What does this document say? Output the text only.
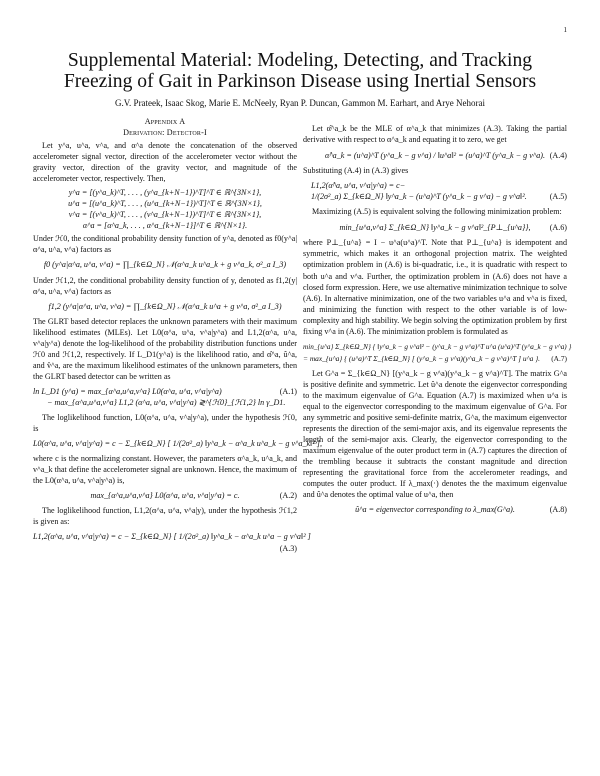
1
Supplemental Material: Modeling, Detecting, and Tracking
Freezing of Gait in Parkinson Disease using Inertial Sensors
G.V. Prateek, Isaac Skog, Marie E. McNeely, Ryan P. Duncan, Gammon M. Earhart, and Arye Nehorai
Appendix A
Derivation: Detector-I

Let y^a, u^a, v^a, and α^a denote the concatenation of the observed accelerometer signal vector, direction of the accelerometer vector without the gravity vector, direction of the gravity vector, and magnitude of the accelerometer vector, respectively. Then,

y^a = [(y^a_k)^T, . . . , (y^a_{k+N−1})^T]^T ∈ ℝ^{3N×1},
u^a = [(u^a_k)^T, . . . , (u^a_{k+N−1})^T]^T ∈ ℝ^{3N×1},
v^a = [(v^a_k)^T, . . . , (v^a_{k+N−1})^T]^T ∈ ℝ^{3N×1},
α^a = [α^a_k, . . . , α^a_{k+N−1}]^T ∈ ℝ^{N×1}.

Under ℋ0, the conditional probability density function of y^a, denoted as f0(y^a|α^a, u^a, v^a) factors as

f0 (y^a|α^a, u^a, v^a) = ∏_{k∈Ω_N} 𝒩(α^a_k u^a_k + g v^a_k, σ²_a I_3)

Under ℋ1,2, the conditional probability density function of y, denoted as f1,2(y|α^a, u^a, v^a) factors as

f1,2 (y^a|α^a, u^a, v^a) = ∏_{k∈Ω_N} 𝒩(α^a_k u^a + g v^a, σ²_a I_3)

The GLRT based detector replaces the unknown parameters with their maximum likelihood estimates (MLEs). Let L0(α^a, u^a, v^a|y^a) and L1,2(α^a, u^a, v^a|y^a) denote the log-likelihood of the probability distribution functions under ℋ0 and ℋ1,2, respectively. If L_D1(y^a) is the likelihood ratio, and α̂^a, û^a, and v̂^a, are the maximum likelihood estimates of the unknown parameters, then the GLRT based detector can be written as

ln L_D1 (y^a) = max_{α^a,u^a,v^a} L0(α^a, u^a, v^a|y^a)	(A.1)
− max_{α^a,u^a,v^a} L1,2 (α^a, u^a, v^a|y^a) ≷^{ℋ0}_{ℋ1,2} ln γ_D1.

The loglikelihood function, L0(α^a, u^a, v^a|y^a), under the hypothesis ℋ0, is

L0(α^a, u^a, v^a|y^a) = c − Σ_{k∈Ω_N} [ 1/(2σ²_a) ‖y^a_k − α^a_k u^a_k − g v^a_k‖² ],

where c is the normalizing constant. However, the parameters α^a_k, u^a_k, and v^a_k that define the accelerometer signal are unknown. Hence, the maximum of the L0(α^a, u^a, v^a|y^a) is,

max_{α^a,u^a,v^a} L0(α^a, u^a, v^a|y^a) = c.	(A.2)

The loglikelihood function, L1,2(α^a, u^a, v^a|y), under the hypothesis ℋ1,2 is given as:

L1,2(α^a, u^a, v^a|y^a) = c − Σ_{k∈Ω_N} [ 1/(2σ²_a) ‖y^a_k − α^a_k u^a − g v^a‖² ]
(A.3)

Let α̂^a_k be the MLE of α^a_k that minimizes (A.3). Taking the partial derivative with respect to α^a_k and equating it to zero, we get

α̂^a_k = (u^a)^T (y^a_k − g v^a) / ‖u^a‖² = (u^a)^T (y^a_k − g v^a). (A.4)

Substituting (A.4) in (A.3) gives

L1,2(α̂^a, u^a, v^a|y^a) = c−
1/(2σ²_a) Σ_{k∈Ω_N} ‖y^a_k − (u^a)^T (y^a_k − g v^a) − g v^a‖².	(A.5)

Maximizing (A.5) is equivalent solving the following minimization problem:

min_{u^a,v^a} Σ_{k∈Ω_N} ‖y^a_k − g v^a‖²_{P⊥_{u^a}}, (A.6)

where P⊥_{u^a} = I − u^a(u^a)^T. Note that P⊥_{u^a} is idempotent and symmetric, which makes it an orthogonal projection matrix. The weighted optimization problem in (A.6) is bi-quadratic, i.e., it is quadratic with respect to both u^a and v^a. Further, the optimization problem in (A.6) does not have a closed form expression. Here, we use alternative minimization technique to solve (A.6). In alternative minimization, one of the two variables u^a and v^a is fixed, and minimizing the function with respect to the other variable is of low-complexity and high stability. We begin solving the optimization problem by first fixing v^a in (A.6). The minimization problem is formulated as

min_{u^a} Σ_{k∈Ω_N} { ‖y^a_k − g v^a‖² − (y^a_k − g v^a)^T u^a (u^a)^T (y^a_k − g v^a) }
= max_{u^a} { (u^a)^T Σ_{k∈Ω_N} [ (y^a_k − g v^a)(y^a_k − g v^a)^T ] u^a }. (A.7)

Let G^a = Σ_{k∈Ω_N} [(y^a_k − g v^a)(y^a_k − g v^a)^T]. The matrix G^a is positive definite and symmetric. Let û^a denote the eigenvector corresponding to the maximum eigenvalue of G^a. Equation (A.7) is maximized when u^a is equal to the eigenvector corresponding to the maximum eigenvalue of G^a. For any symmetric and positive semi-definite matrix, G^a, the maximum eigenvector represents the direction of the semi-major axis, and its eigenvalue represents the length of the semi-major axis. Clearly, the eigenvector corresponding to the maximum eigenvalue of the outer product term in (A.7) captures the direction of the trembling because it subtracts the constant magnitude and direction representing the gravitational force from the accelerometer readings, and computes the outer product. If λ_max(·) denotes the the maximum eigenvalue and û^a denotes the optimal value of u^a, then

û^a = eigenvector corresponding to λ_max(G^a).	(A.8)
